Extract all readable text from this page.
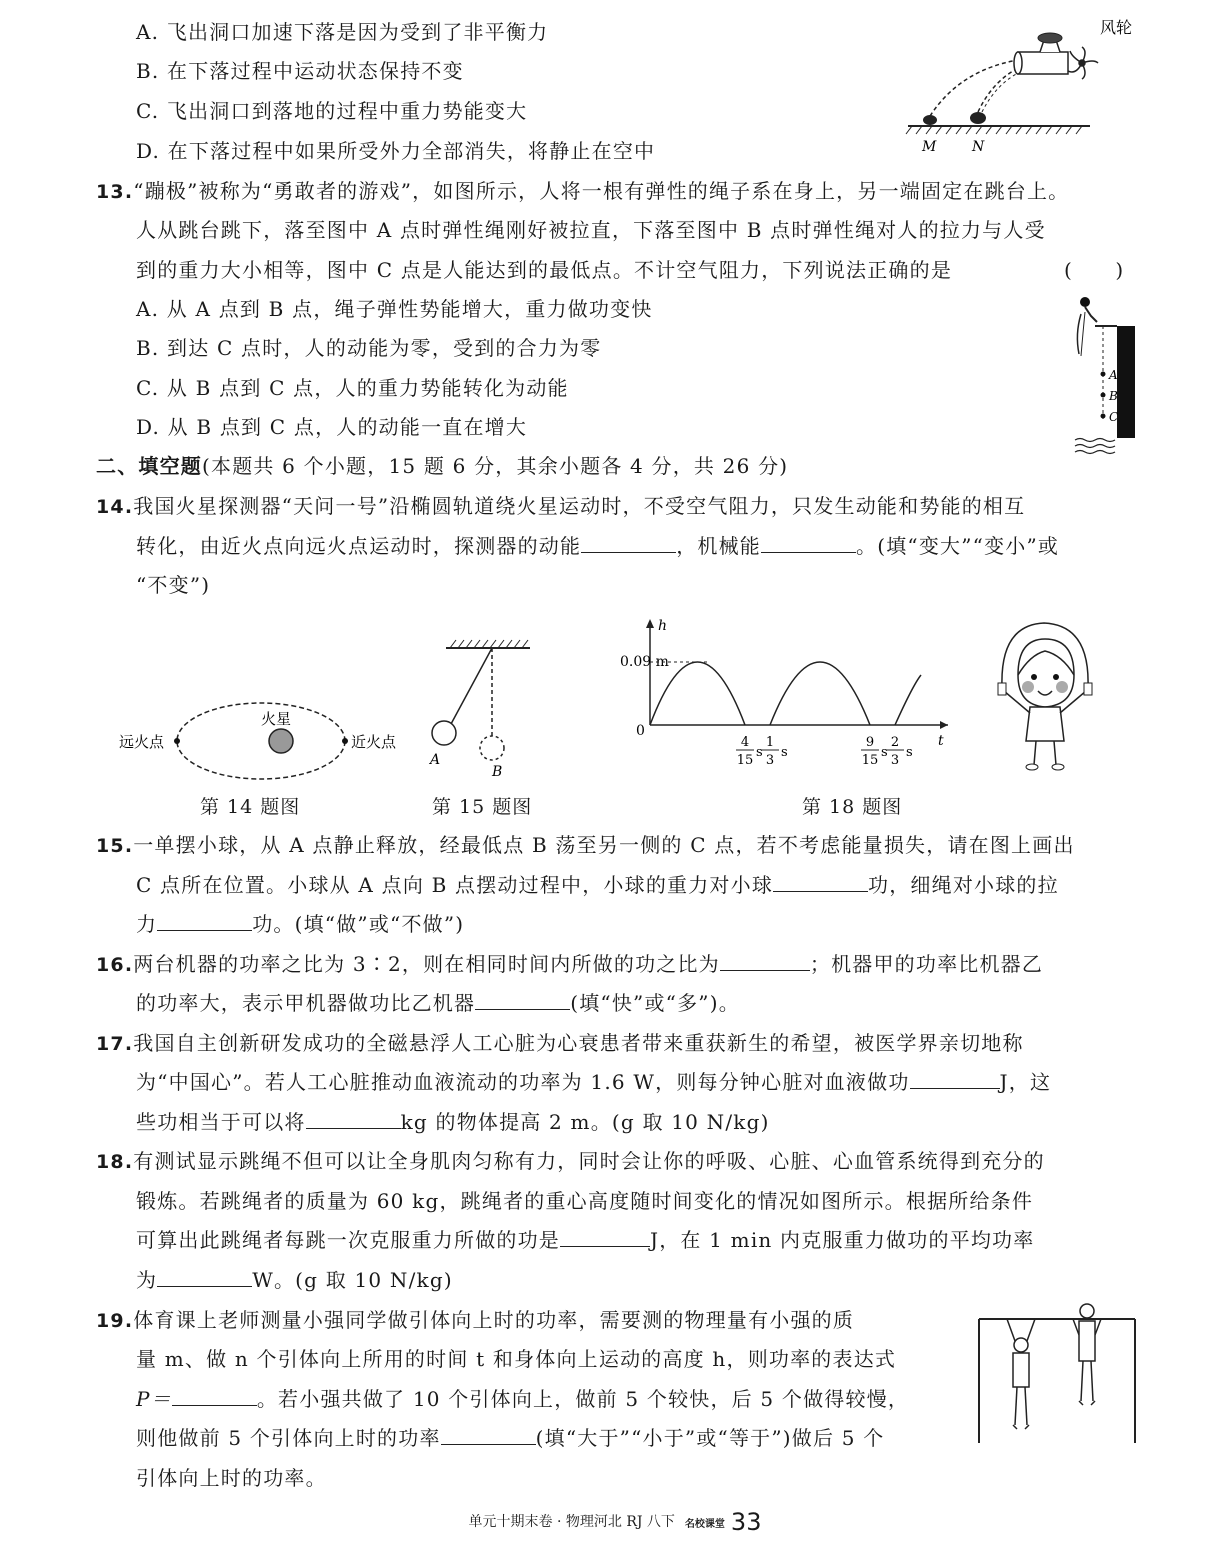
A. 飞出洞口加速下落是因为受到了非平衡力
B. 在下落过程中运动状态保持不变
C. 飞出洞口到落地的过程中重力势能变大
D. 在下落过程中如果所受外力全部消失，将静止在空中
风轮
M	N
13.“蹦极”被称为“勇敢者的游戏”，如图所示，人将一根有弹性的绳子系在身上，另一端固定在跳台上。
人从跳台跳下，落至图中 A 点时弹性绳刚好被拉直，下落至图中 B 点时弹性绳对人的拉力与人受
到的重力大小相等，图中 C 点是人能达到的最低点。不计空气阻力，下列说法正确的是	(　　)
A. 从 A 点到 B 点，绳子弹性势能增大，重力做功变快
B. 到达 C 点时，人的动能为零，受到的合力为零
C. 从 B 点到 C 点，人的重力势能转化为动能
D. 从 B 点到 C 点，人的动能一直在增大
A
B
C
二、填空题(本题共 6 个小题，15 题 6 分，其余小题各 4 分，共 26 分)
14.我国火星探测器“天问一号”沿椭圆轨道绕火星运动时，不受空气阻力，只发生动能和势能的相互
转化，由近火点向远火点运动时，探测器的动能	，机械能	。(填“变大”“变小”或
“不变”)
远火点
火星
近火点
第 14 题图
A
B
第 15 题图
h
t
0
0.09 m
4
15
s
1
3
s
9
15
s
2
3
s
第 18 题图
15.一单摆小球，从 A 点静止释放，经最低点 B 荡至另一侧的 C 点，若不考虑能量损失，请在图上画出
C 点所在位置。小球从 A 点向 B 点摆动过程中，小球的重力对小球	功，细绳对小球的拉
力	功。(填“做”或“不做”)
16.两台机器的功率之比为 3∶2，则在相同时间内所做的功之比为	；机器甲的功率比机器乙
的功率大，表示甲机器做功比乙机器	(填“快”或“多”)。
17.我国自主创新研发成功的全磁悬浮人工心脏为心衰患者带来重获新生的希望，被医学界亲切地称
为“中国心”。若人工心脏推动血液流动的功率为 1.6 W，则每分钟心脏对血液做功	J，这
些功相当于可以将	kg 的物体提高 2 m。(g 取 10 N/kg)
18.有测试显示跳绳不但可以让全身肌肉匀称有力，同时会让你的呼吸、心脏、心血管系统得到充分的
锻炼。若跳绳者的质量为 60 kg，跳绳者的重心高度随时间变化的情况如图所示。根据所给条件
可算出此跳绳者每跳一次克服重力所做的功是	J，在 1 min 内克服重力做功的平均功率
为	W。(g 取 10 N/kg)
19.体育课上老师测量小强同学做引体向上时的功率，需要测的物理量有小强的质
量 m、做 n 个引体向上所用的时间 t 和身体向上运动的高度 h，则功率的表达式
P＝	。若小强共做了 10 个引体向上，做前 5 个较快，后 5 个做得较慢，
则他做前 5 个引体向上时的功率	(填“大于”“小于”或“等于”)做后 5 个
引体向上时的功率。
单元十期末卷 · 物理河北 RJ 八下 名校课堂 33
